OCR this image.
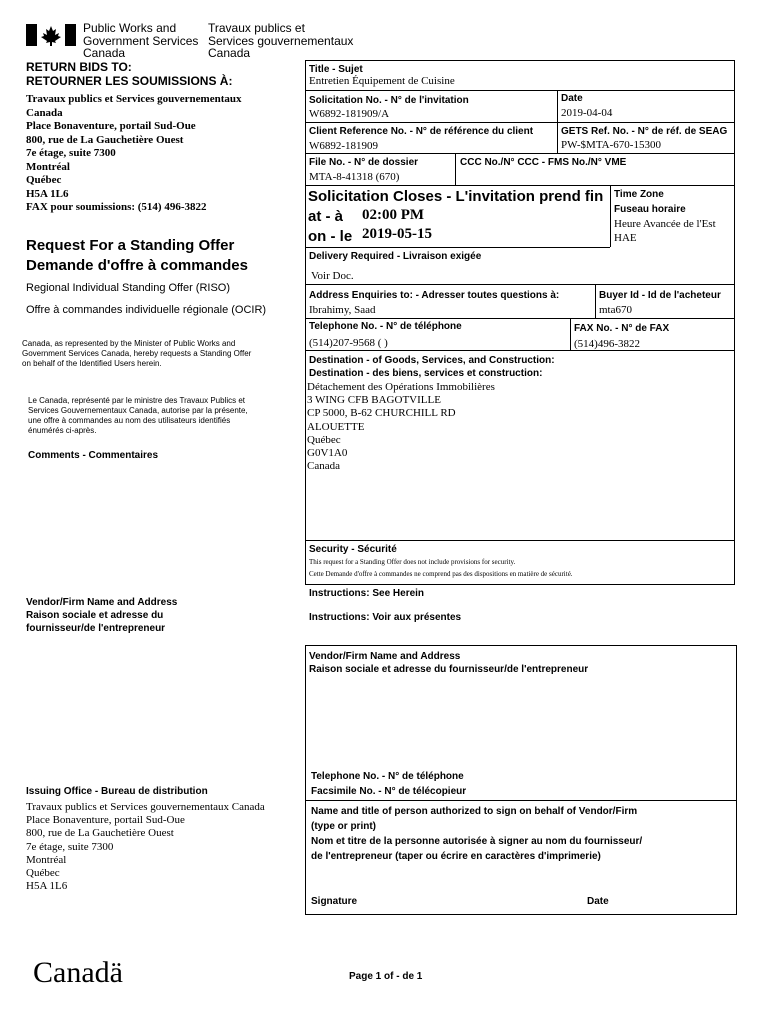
Public Works and
Government Services
Canada
Travaux publics et
Services gouvernementaux
Canada
RETURN BIDS TO:
RETOURNER LES SOUMISSIONS À:
Travaux publics et Services gouvernementaux
Canada
Place Bonaventure, portail Sud-Oue
800, rue de La Gauchetière Ouest
7e étage, suite 7300
Montréal
Québec
H5A 1L6
FAX pour soumissions: (514) 496-3822
Request For a Standing Offer
Demande d'offre à commandes
Regional Individual Standing Offer (RISO)
Offre à commandes individuelle régionale (OCIR)
Canada, as represented by the Minister of Public Works and
Government Services Canada, hereby requests a Standing Offer
on behalf of the Identified Users herein.
Le Canada, représenté par le ministre des Travaux Publics et
Services Gouvernementaux Canada, autorise par la présente,
une offre à commandes au nom des utilisateurs identifiés
énumérés ci-après.
Comments - Commentaires
Vendor/Firm Name and Address
Raison sociale et adresse du
fournisseur/de l'entrepreneur
Issuing Office - Bureau de distribution
Travaux publics et Services gouvernementaux Canada
Place Bonaventure, portail Sud-Oue
800, rue de La Gauchetière Ouest
7e étage, suite 7300
Montréal
Québec
H5A 1L6
Title - Sujet
Entretien Équipement de Cuisine
Solicitation No. - N° de l'invitation
W6892-181909/A
Date
2019-04-04
Client Reference No. - N° de référence du client
W6892-181909
GETS Ref. No. - N° de réf. de SEAG
PW-$MTA-670-15300
File No. - N° de dossier
MTA-8-41318 (670)
CCC No./N° CCC - FMS No./N° VME
Solicitation Closes - L'invitation prend fin
at - à 02:00 PM
on - le 2019-05-15
Time Zone
Fuseau horaire
Heure Avancée de l'Est
HAE
Delivery Required - Livraison exigée
Voir Doc.
Address Enquiries to: - Adresser toutes questions à:
Ibrahimy, Saad
Buyer Id - Id de l'acheteur
mta670
Telephone No. - N° de téléphone
(514)207-9568 ( )
FAX No. - N° de FAX
(514)496-3822
Destination - of Goods, Services, and Construction:
Destination - des biens, services et construction:
Détachement des Opérations Immobilières
3 WING CFB BAGOTVILLE
CP 5000, B-62 CHURCHILL RD
ALOUETTE
Québec
G0V1A0
Canada
Security - Sécurité
This request for a Standing Offer does not include provisions for security.
Cette Demande d'offre à commandes ne comprend pas des dispositions en matière de sécurité.
Instructions: See Herein
Instructions: Voir aux présentes
Vendor/Firm Name and Address
Raison sociale et adresse du fournisseur/de l'entrepreneur
Telephone No. - N° de téléphone
Facsimile No. - N° de télécopieur
Name and title of person authorized to sign on behalf of Vendor/Firm
(type or print)
Nom et titre de la personne autorisée à signer au nom du fournisseur/
de l'entrepreneur (taper ou écrire en caractères d'imprimerie)
Signature	Date
Canadä	Page 1 of - de 1
